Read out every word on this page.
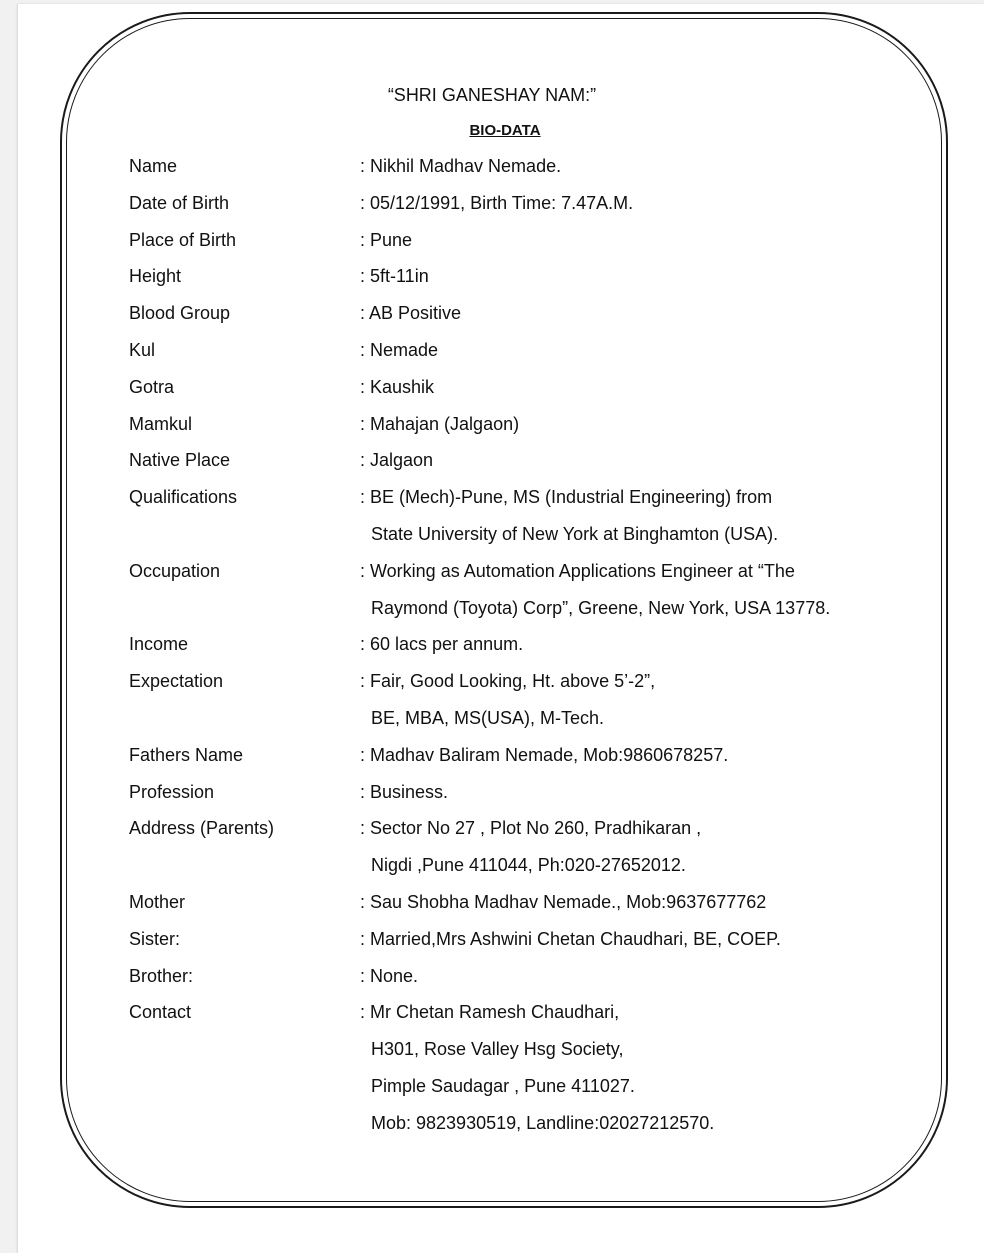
“SHRI GANESHAY NAM:”
BIO-DATA
Name	: Nikhil Madhav Nemade.
Date of Birth	: 05/12/1991, Birth Time: 7.47A.M.
Place of Birth	: Pune
Height	: 5ft-11in
Blood Group	: AB Positive
Kul	: Nemade
Gotra	: Kaushik
Mamkul	: Mahajan (Jalgaon)
Native Place	: Jalgaon
Qualifications	: BE (Mech)-Pune, MS (Industrial Engineering) from
State University of New York at Binghamton (USA).
Occupation	: Working as Automation Applications Engineer at “The
Raymond (Toyota) Corp”, Greene, New York, USA 13778.
Income	: 60 lacs per annum.
Expectation	: Fair, Good Looking, Ht. above 5’-2”,
BE, MBA, MS(USA), M-Tech.
Fathers Name	: Madhav Baliram Nemade, Mob:9860678257.
Profession	: Business.
Address (Parents)	: Sector No 27 , Plot No 260, Pradhikaran ,
Nigdi ,Pune 411044, Ph:020-27652012.
Mother	: Sau Shobha Madhav Nemade., Mob:9637677762
Sister:	: Married,Mrs Ashwini Chetan Chaudhari, BE, COEP.
Brother:	: None.
Contact	: Mr Chetan Ramesh Chaudhari,
H301, Rose Valley Hsg Society,
Pimple Saudagar , Pune 411027.
Mob: 9823930519, Landline:02027212570.
